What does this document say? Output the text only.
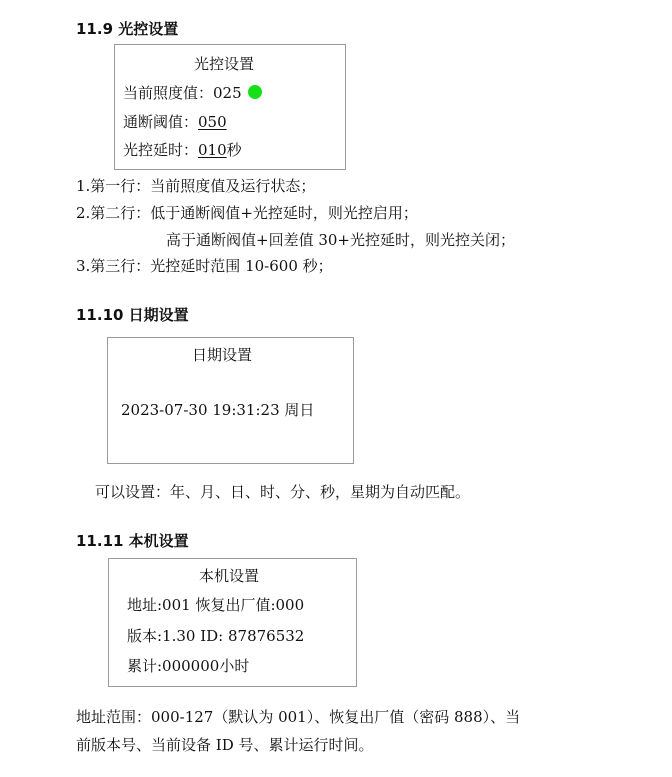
11.9 光控设置
光控设置
当前照度值：025
通断阈值：050
光控延时：010秒
1.第一行：当前照度值及运行状态；
2.第二行：低于通断阀值+光控延时，则光控启用；
高于通断阀值+回差值 30+光控延时，则光控关闭；
3.第三行：光控延时范围 10-600 秒；
11.10 日期设置
日期设置
2023-07-30 19:31:23 周日
可以设置：年、月、日、时、分、秒，星期为自动匹配。
11.11 本机设置
本机设置
地址:001 恢复出厂值:000
版本:1.30 ID: 87876532
累计:000000小时
地址范围：000-127（默认为 001）、恢复出厂值（密码 888）、当
前版本号、当前设备 ID 号、累计运行时间。
